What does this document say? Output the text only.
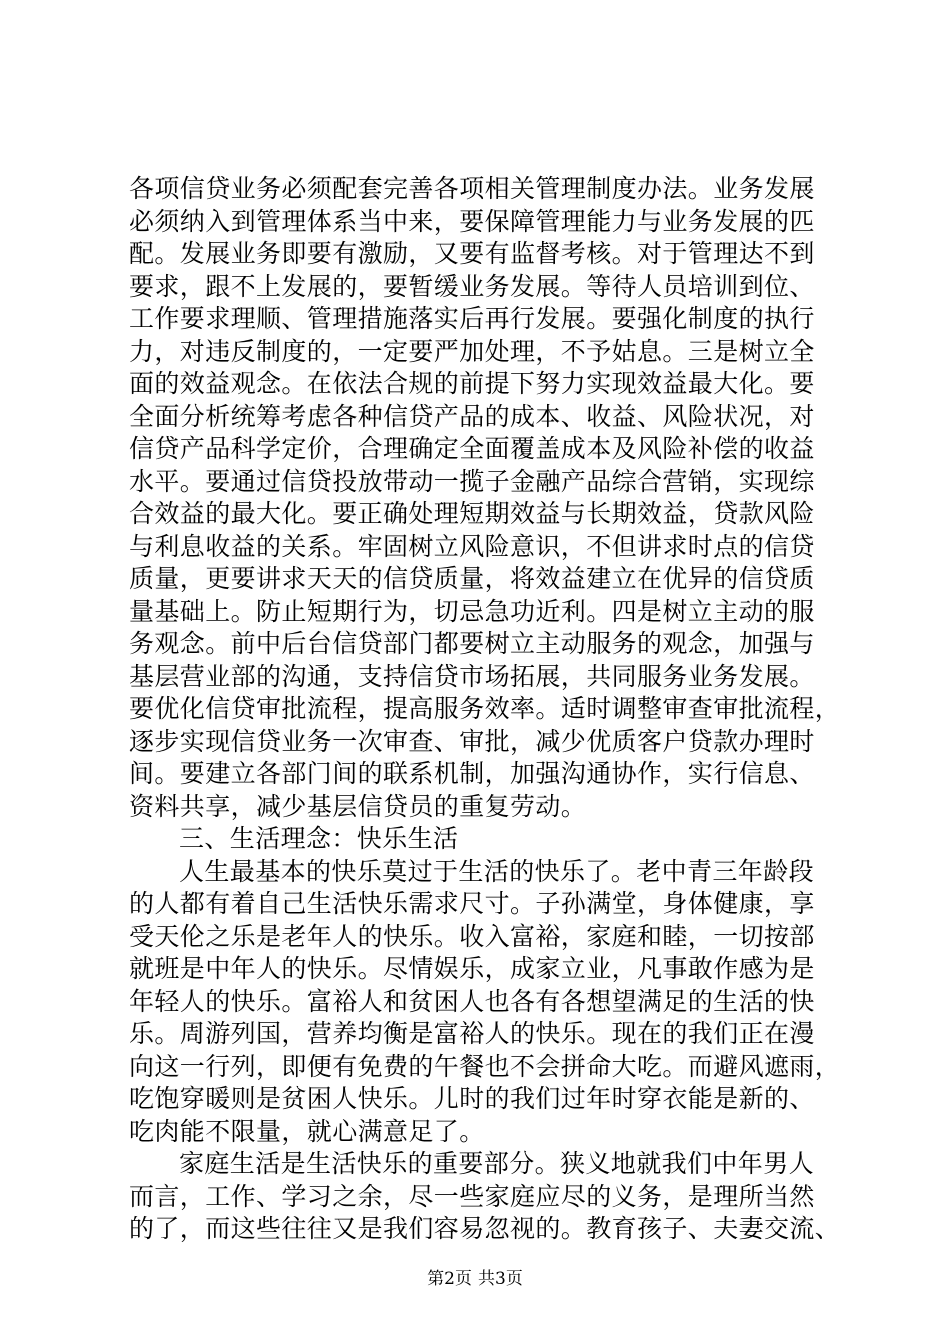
各项信贷业务必须配套完善各项相关管理制度办法。业务发展
必须纳入到管理体系当中来，要保障管理能力与业务发展的匹
配。发展业务即要有激励，又要有监督考核。对于管理达不到
要求，跟不上发展的，要暂缓业务发展。等待人员培训到位、
工作要求理顺、管理措施落实后再行发展。要强化制度的执行
力，对违反制度的，一定要严加处理，不予姑息。三是树立全
面的效益观念。在依法合规的前提下努力实现效益最大化。要
全面分析统筹考虑各种信贷产品的成本、收益、风险状况，对
信贷产品科学定价，合理确定全面覆盖成本及风险补偿的收益
水平。要通过信贷投放带动一揽子金融产品综合营销，实现综
合效益的最大化。要正确处理短期效益与长期效益，贷款风险
与利息收益的关系。牢固树立风险意识，不但讲求时点的信贷
质量，更要讲求天天的信贷质量，将效益建立在优异的信贷质
量基础上。防止短期行为，切忌急功近利。四是树立主动的服
务观念。前中后台信贷部门都要树立主动服务的观念，加强与
基层营业部的沟通，支持信贷市场拓展，共同服务业务发展。
要优化信贷审批流程，提高服务效率。适时调整审查审批流程，
逐步实现信贷业务一次审查、审批，减少优质客户贷款办理时
间。要建立各部门间的联系机制，加强沟通协作，实行信息、
资料共享，减少基层信贷员的重复劳动。
三、生活理念：快乐生活
人生最基本的快乐莫过于生活的快乐了。老中青三年龄段
的人都有着自己生活快乐需求尺寸。子孙满堂，身体健康，享
受天伦之乐是老年人的快乐。收入富裕，家庭和睦，一切按部
就班是中年人的快乐。尽情娱乐，成家立业，凡事敢作感为是
年轻人的快乐。富裕人和贫困人也各有各想望满足的生活的快
乐。周游列国，营养均衡是富裕人的快乐。现在的我们正在漫
向这一行列，即便有免费的午餐也不会拼命大吃。而避风遮雨，
吃饱穿暖则是贫困人快乐。儿时的我们过年时穿衣能是新的、
吃肉能不限量，就心满意足了。
家庭生活是生活快乐的重要部分。狭义地就我们中年男人
而言，工作、学习之余，尽一些家庭应尽的义务，是理所当然
的了，而这些往往又是我们容易忽视的。教育孩子、夫妻交流、
第2页 共3页
